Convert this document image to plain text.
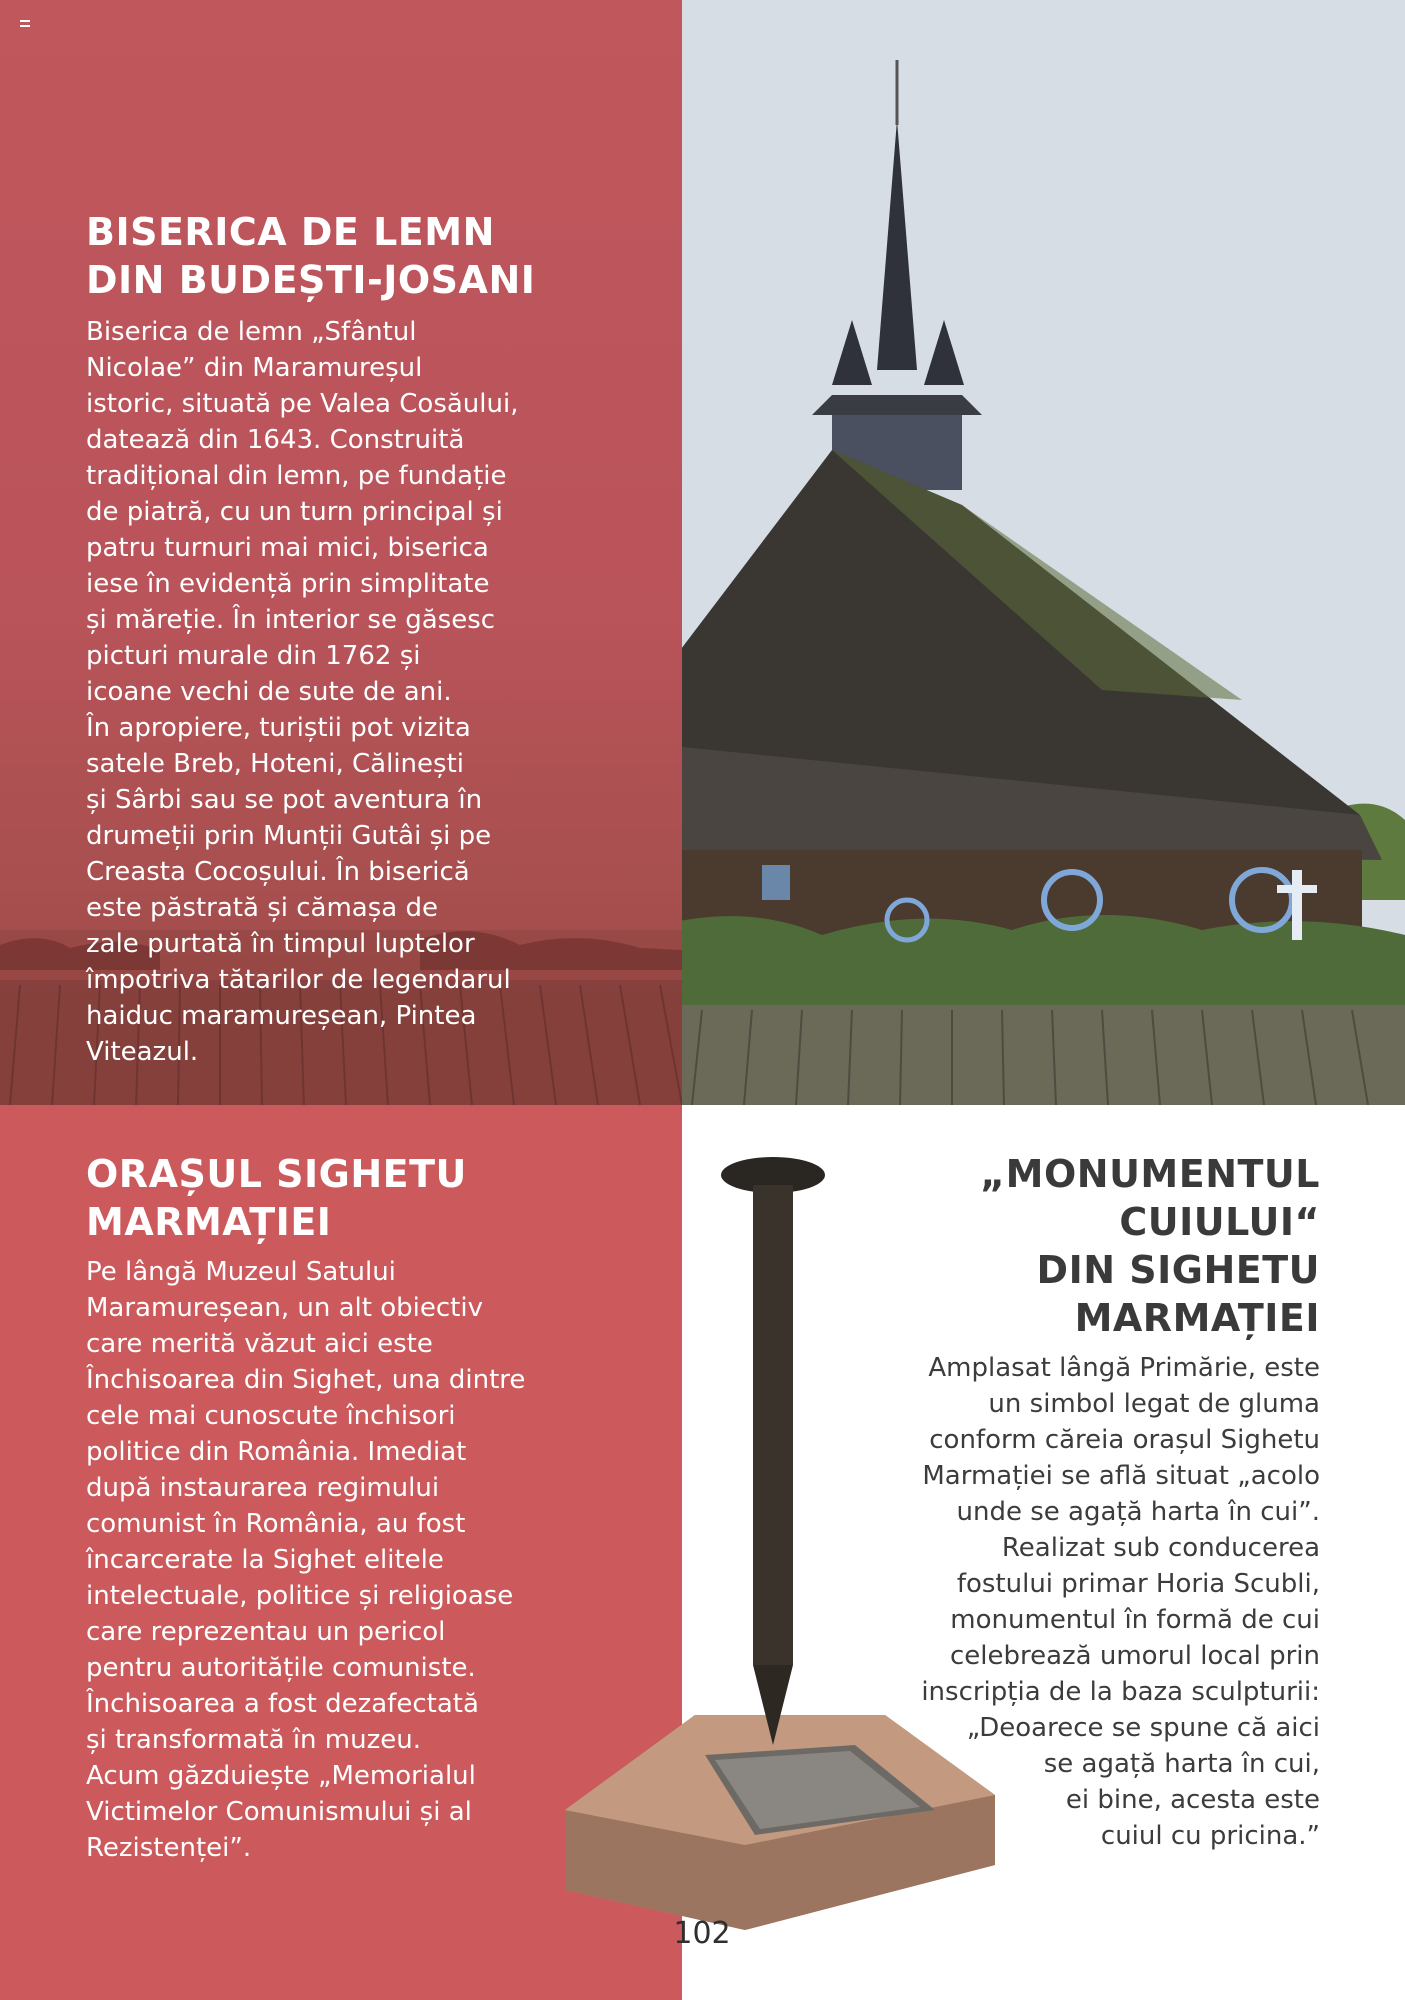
BISERICA DE LEMN
DIN BUDEȘTI-JOSANI
Biserica de lemn „Sfântul
Nicolae” din Maramureșul
istoric, situată pe Valea Cosăului,
datează din 1643. Construită
tradițional din lemn, pe fundație
de piatră, cu un turn principal și
patru turnuri mai mici, biserica
iese în evidență prin simplitate
și măreție. În interior se găsesc
picturi murale din 1762 și
icoane vechi de sute de ani.
În apropiere, turiștii pot vizita
satele Breb, Hoteni, Călinești
și Sârbi sau se pot aventura în
drumeții prin Munții Gutâi și pe
Creasta Cocoșului. În biserică
este păstrată și cămașa de
zale purtată în timpul luptelor
împotriva tătarilor de legendarul
haiduc maramureșean, Pintea
Viteazul.
ORAȘUL SIGHETU
MARMAȚIEI
Pe lângă Muzeul Satului
Maramureșean, un alt obiectiv
care merită văzut aici este
Închisoarea din Sighet, una dintre
cele mai cunoscute închisori
politice din România. Imediat
după instaurarea regimului
comunist în România, au fost
încarcerate la Sighet elitele
intelectuale, politice și religioase
care reprezentau un pericol
pentru autoritățile comuniste.
Închisoarea a fost dezafectată
și transformată în muzeu.
Acum găzduiește „Memorialul
Victimelor Comunismului și al
Rezistenței”.
„MONUMENTUL
CUIULUI“
DIN SIGHETU
MARMAȚIEI
Amplasat lângă Primărie, este
un simbol legat de gluma
conform căreia orașul Sighetu
Marmației se află situat „acolo
unde se agață harta în cui”.
Realizat sub conducerea
fostului primar Horia Scubli,
monumentul în formă de cui
celebrează umorul local prin
inscripția de la baza sculpturii:
„Deoarece se spune că aici
se agață harta în cui,
ei bine, acesta este
cuiul cu pricina.”
102
